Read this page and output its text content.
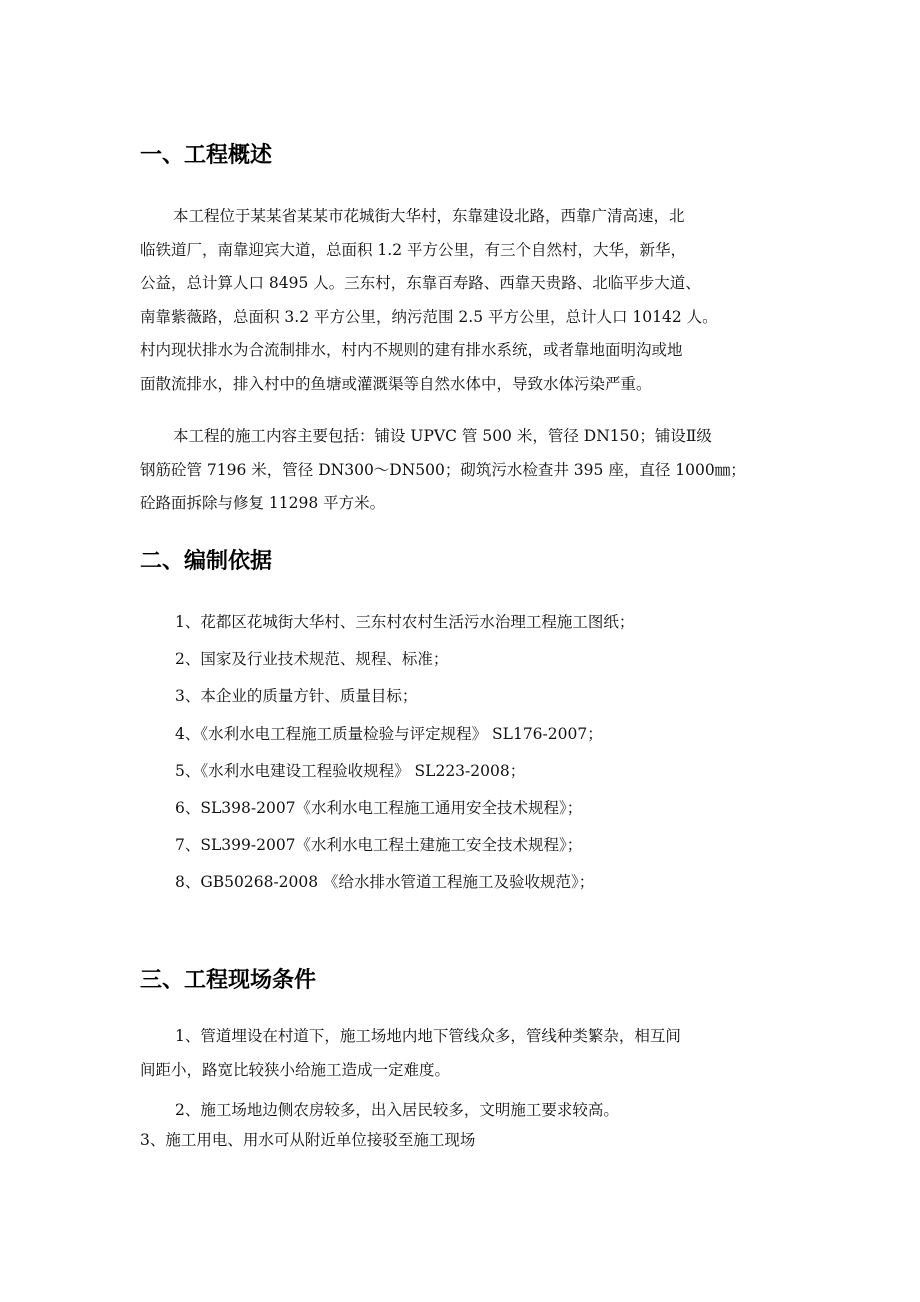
一、工程概述

本工程位于某某省某某市花城街大华村，东靠建设北路，西靠广清高速，北
临铁道厂，南靠迎宾大道，总面积 1.2 平方公里，有三个自然村，大华，新华，
公益，总计算人口 8495 人。三东村，东靠百寿路、西靠天贵路、北临平步大道、
南靠紫薇路，总面积 3.2 平方公里，纳污范围 2.5 平方公里，总计人口 10142 人。
村内现状排水为合流制排水，村内不规则的建有排水系统，或者靠地面明沟或地
面散流排水，排入村中的鱼塘或灌溉渠等自然水体中，导致水体污染严重。

本工程的施工内容主要包括：铺设 UPVC 管 500 米，管径 DN150；铺设Ⅱ级
钢筋砼管 7196 米，管径 DN300～DN500；砌筑污水检查井 395 座，直径 1000㎜；
砼路面拆除与修复 11298 平方米。

二、编制依据
1、花都区花城街大华村、三东村农村生活污水治理工程施工图纸；
2、国家及行业技术规范、规程、标准；
3、本企业的质量方针、质量目标；
4、《水利水电工程施工质量检验与评定规程》 SL176-2007；
5、《水利水电建设工程验收规程》 SL223-2008；
6、SL398-2007《水利水电工程施工通用安全技术规程》；
7、SL399-2007《水利水电工程土建施工安全技术规程》；
8、GB50268-2008 《给水排水管道工程施工及验收规范》；
三、工程现场条件
1、管道埋设在村道下，施工场地内地下管线众多，管线种类繁杂，相互间
间距小，路宽比较狭小给施工造成一定难度。
2、施工场地边侧农房较多，出入居民较多，文明施工要求较高。
3、施工用电、用水可从附近单位接驳至施工现场
